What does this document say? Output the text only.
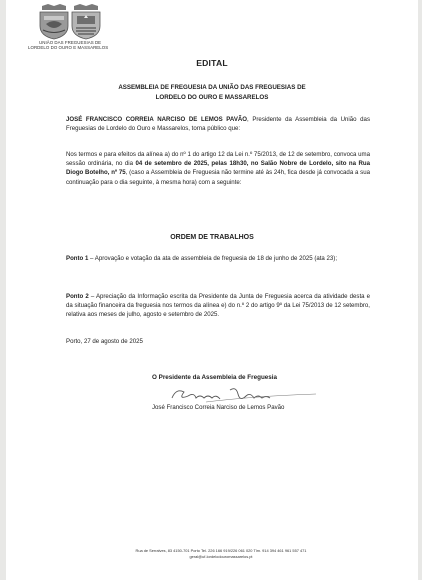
UNIÃO DAS FREGUESIAS DE
LORDELO DO OURO E MASSARELOS
EDITAL
ASSEMBLEIA DE FREGUESIA DA UNIÃO DAS FREGUESIAS DE
LORDELO DO OURO E MASSARELOS
JOSÉ FRANCISCO CORREIA NARCISO DE LEMOS PAVÃO, Presidente da Assembleia da União das Freguesias de Lordelo do Ouro e Massarelos, torna público que:
Nos termos e para efeitos da alínea a) do nº 1 do artigo 12 da Lei n.º 75/2013, de 12 de setembro, convoca uma sessão ordinária, no dia 04 de setembro de 2025, pelas 18h30, no Salão Nobre de Lordelo, sito na Rua Diogo Botelho, nº 75, (caso a Assembleia de Freguesia não termine até às 24h, fica desde já convocada a sua continuação para o dia seguinte, à mesma hora) com a seguinte:
ORDEM DE TRABALHOS
Ponto 1 – Aprovação e votação da ata de assembleia de freguesia de 18 de junho de 2025 (ata 23);
Ponto 2 – Apreciação da Informação escrita da Presidente da Junta de Freguesia acerca da atividade desta e da situação financeira da freguesia nos termos da alínea e) do n.º 2 do artigo 9º da Lei 75/2013 de 12 setembro, relativa aos meses de julho, agosto e setembro de 2025.
Porto, 27 de agosto de 2025
O Presidente da Assembleia de Freguesia
José Francisco Correia Narciso de Lemos Pavão
Rua de Serralves, 83 4150-701 Porto Tel. 226 166 919/226 061 020 Tlm. 914 394 461 961 557 471
geral@uf-lordelodouromassarelos.pt
